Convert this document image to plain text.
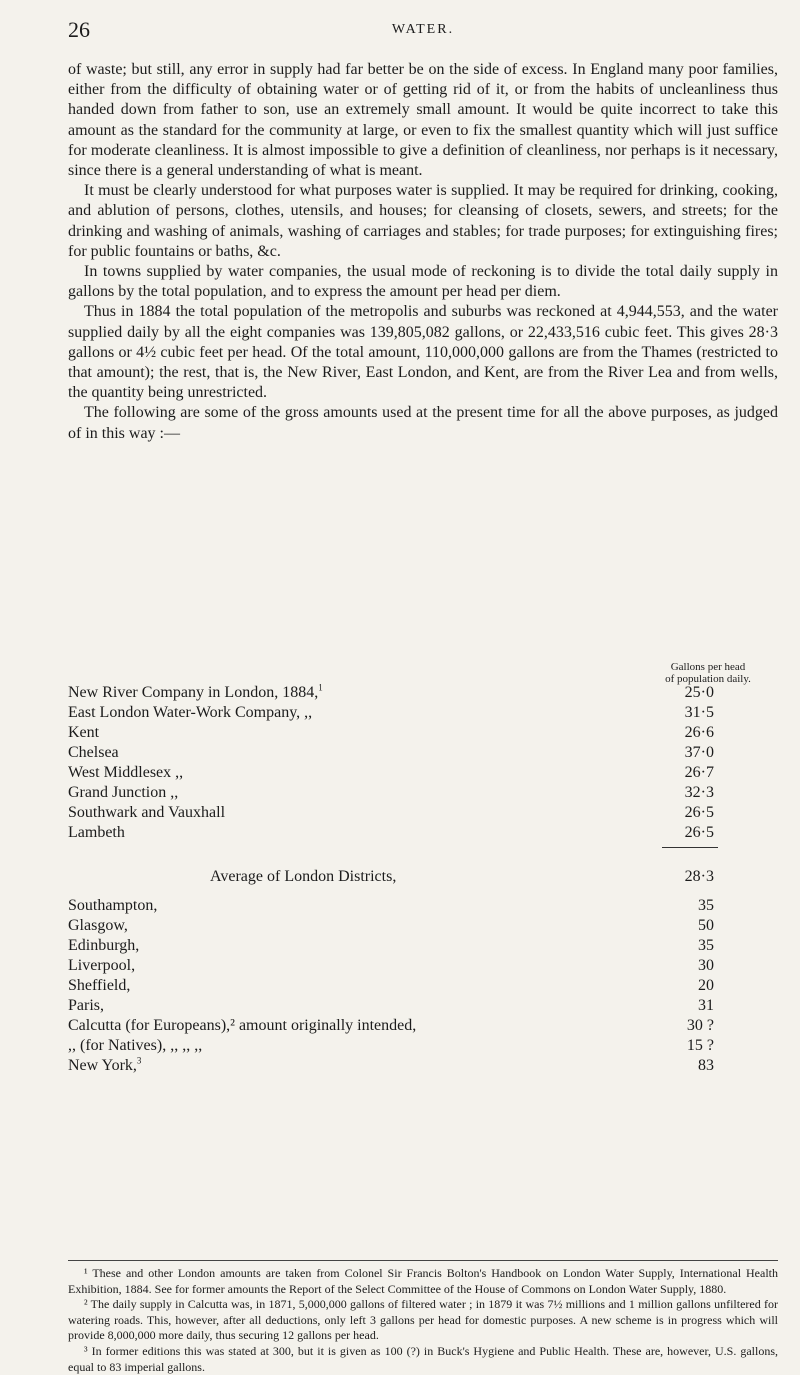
26	WATER.

of waste; but still, any error in supply had far better be on the side of excess. In England many poor families, either from the difficulty of obtaining water or of getting rid of it, or from the habits of uncleanliness thus handed down from father to son, use an extremely small amount. It would be quite incorrect to take this amount as the standard for the community at large, or even to fix the smallest quantity which will just suffice for moderate cleanliness. It is almost impossible to give a definition of cleanliness, nor perhaps is it necessary, since there is a general understanding of what is meant.

It must be clearly understood for what purposes water is supplied. It may be required for drinking, cooking, and ablution of persons, clothes, utensils, and houses; for cleansing of closets, sewers, and streets; for the drinking and washing of animals, washing of carriages and stables; for trade purposes; for extinguishing fires; for public fountains or baths, &c.

In towns supplied by water companies, the usual mode of reckoning is to divide the total daily supply in gallons by the total population, and to express the amount per head per diem.

Thus in 1884 the total population of the metropolis and suburbs was reckoned at 4,944,553, and the water supplied daily by all the eight companies was 139,805,082 gallons, or 22,433,516 cubic feet. This gives 28·3 gallons or 4½ cubic feet per head. Of the total amount, 110,000,000 gallons are from the Thames (restricted to that amount); the rest, that is, the New River, East London, and Kent, are from the River Lea and from wells, the quantity being unrestricted.

The following are some of the gross amounts used at the present time for all the above purposes, as judged of in this way :—

Gallons per head
of population daily.
New River Company in London, 1884,$^1$	25·0
East London Water-Work Company, ,,	31·5
Kent	26·6
Chelsea	37·0
West Middlesex ,,	26·7
Grand Junction ,,	32·3
Southwark and Vauxhall	26·5
Lambeth	26·5
Average of London Districts,	28·3
Southampton,	35
Glasgow,	50
Edinburgh,	35
Liverpool,	30
Sheffield,	20
Paris,	31
Calcutta (for Europeans),² amount originally intended,	30 ?
,, (for Natives), ,, ,, ,,	15 ?
New York,$^3$	83

¹ These and other London amounts are taken from Colonel Sir Francis Bolton's Handbook on London Water Supply, International Health Exhibition, 1884. See for former amounts the Report of the Select Committee of the House of Commons on London Water Supply, 1880.

² The daily supply in Calcutta was, in 1871, 5,000,000 gallons of filtered water ; in 1879 it was 7½ millions and 1 million gallons unfiltered for watering roads. This, however, after all deductions, only left 3 gallons per head for domestic purposes. A new scheme is in progress which will provide 8,000,000 more daily, thus securing 12 gallons per head.

³ In former editions this was stated at 300, but it is given as 100 (?) in Buck's Hygiene and Public Health. These are, however, U.S. gallons, equal to 83 imperial gallons.
